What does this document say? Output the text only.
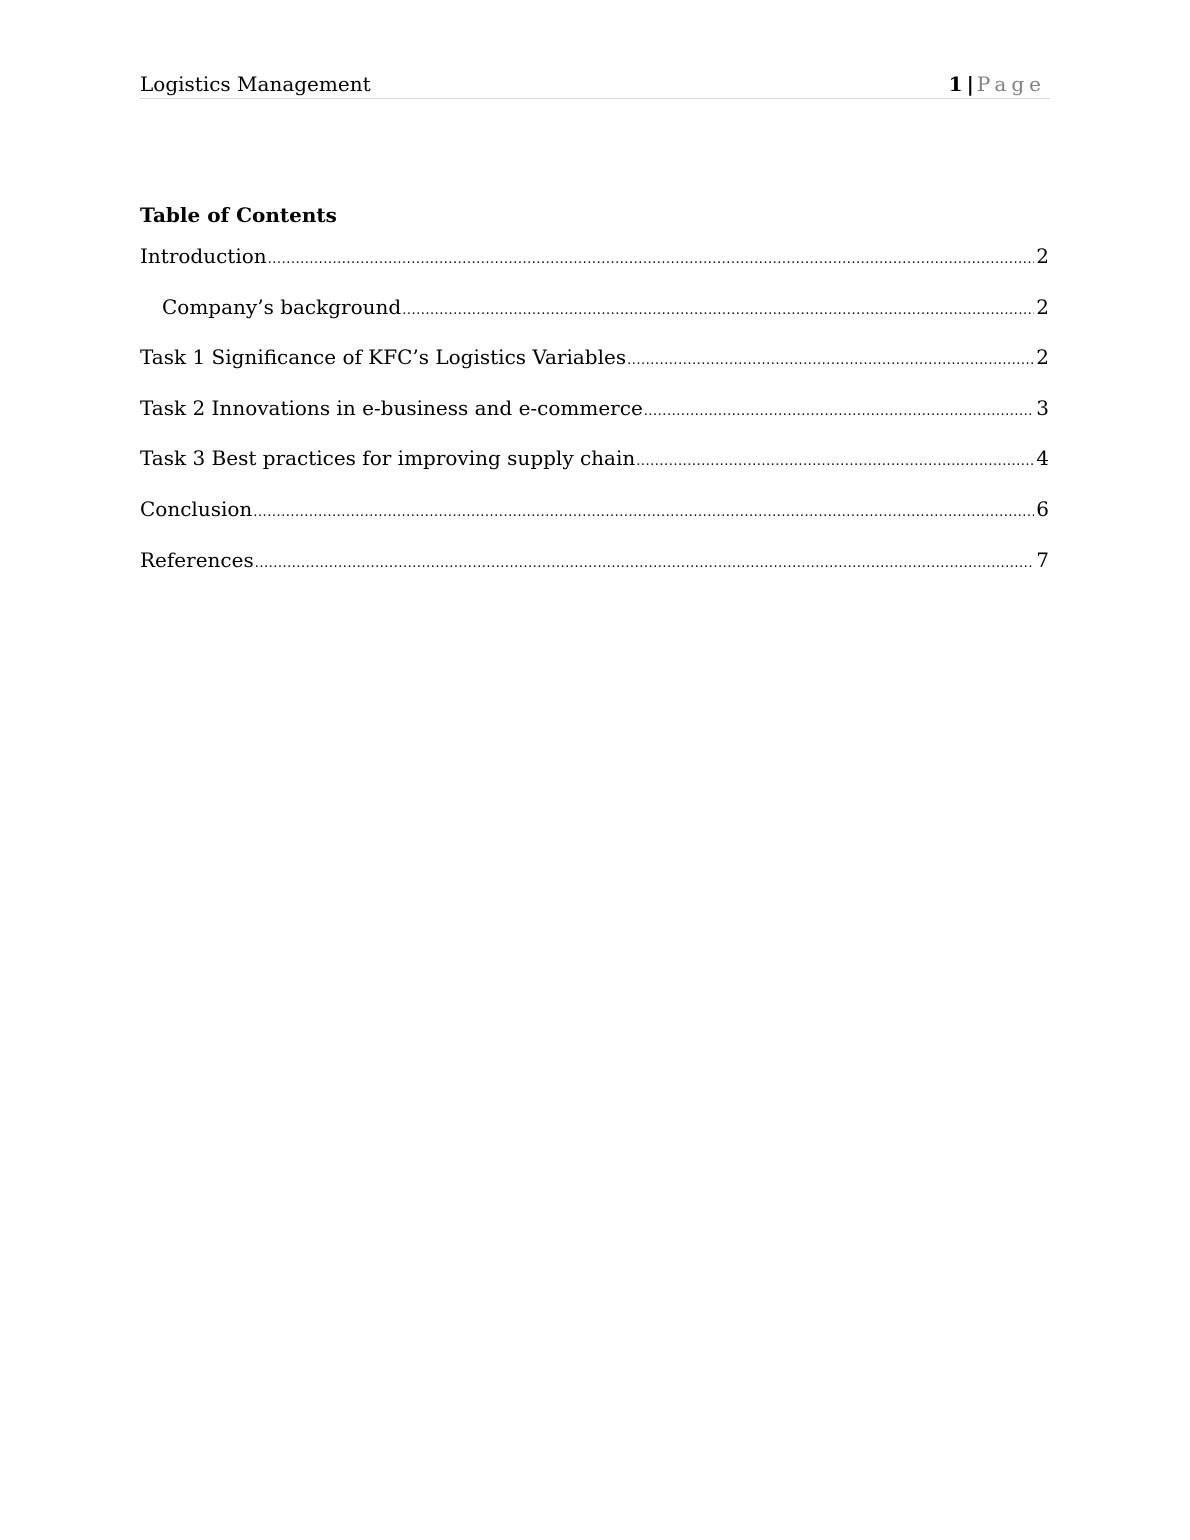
Logistics Management	1 | Page
Table of Contents
Introduction .....	2
Company’s background .....	2
Task 1 Significance of KFC’s Logistics Variables .....	2
Task 2 Innovations in e-business and e-commerce .....	3
Task 3 Best practices for improving supply chain .....	4
Conclusion .....	6
References .....	7
